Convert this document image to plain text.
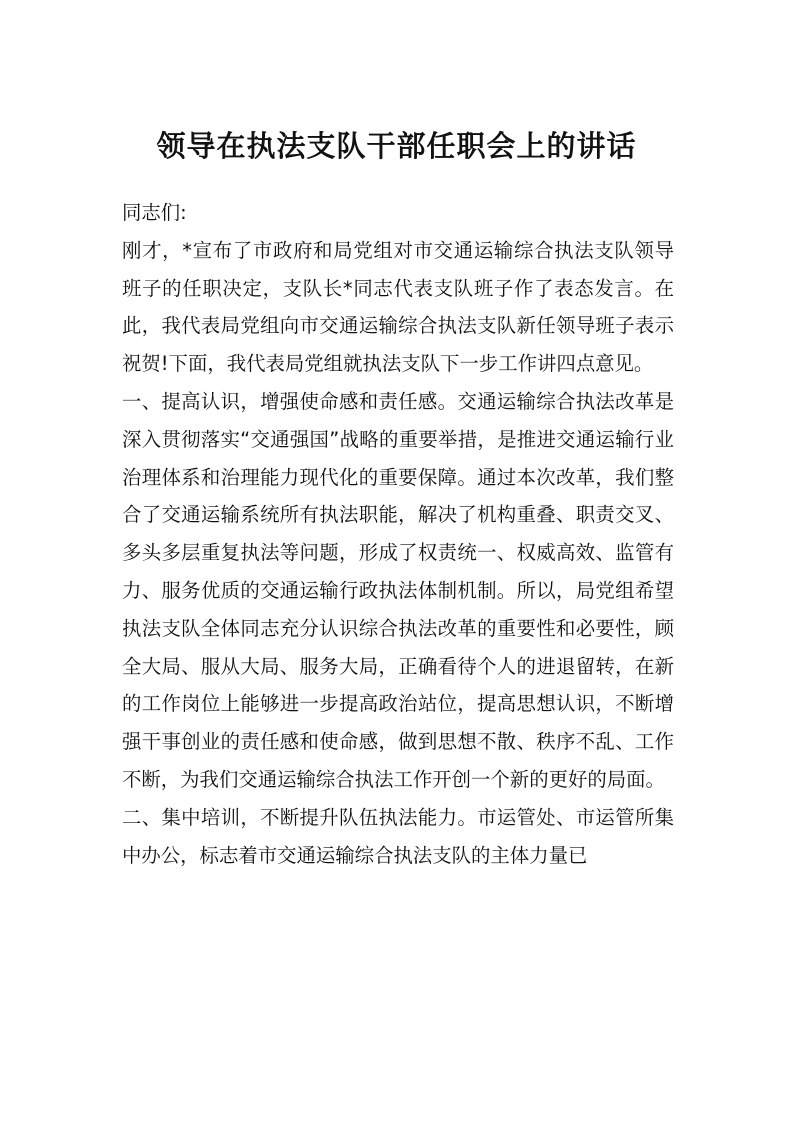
领导在执法支队干部任职会上的讲话

同志们:

刚才，*宣布了市政府和局党组对市交通运输综合执法支队领导班子的任职决定，支队长*同志代表支队班子作了表态发言。在此，我代表局党组向市交通运输综合执法支队新任领导班子表示祝贺!下面，我代表局党组就执法支队下一步工作讲四点意见。

一、提高认识，增强使命感和责任感。交通运输综合执法改革是深入贯彻落实“交通强国”战略的重要举措，是推进交通运输行业治理体系和治理能力现代化的重要保障。通过本次改革，我们整合了交通运输系统所有执法职能，解决了机构重叠、职责交叉、多头多层重复执法等问题，形成了权责统一、权威高效、监管有力、服务优质的交通运输行政执法体制机制。所以，局党组希望执法支队全体同志充分认识综合执法改革的重要性和必要性，顾全大局、服从大局、服务大局，正确看待个人的进退留转，在新的工作岗位上能够进一步提高政治站位，提高思想认识，不断增强干事创业的责任感和使命感，做到思想不散、秩序不乱、工作不断，为我们交通运输综合执法工作开创一个新的更好的局面。

二、集中培训，不断提升队伍执法能力。市运管处、市运管所集中办公，标志着市交通运输综合执法支队的主体力量已
